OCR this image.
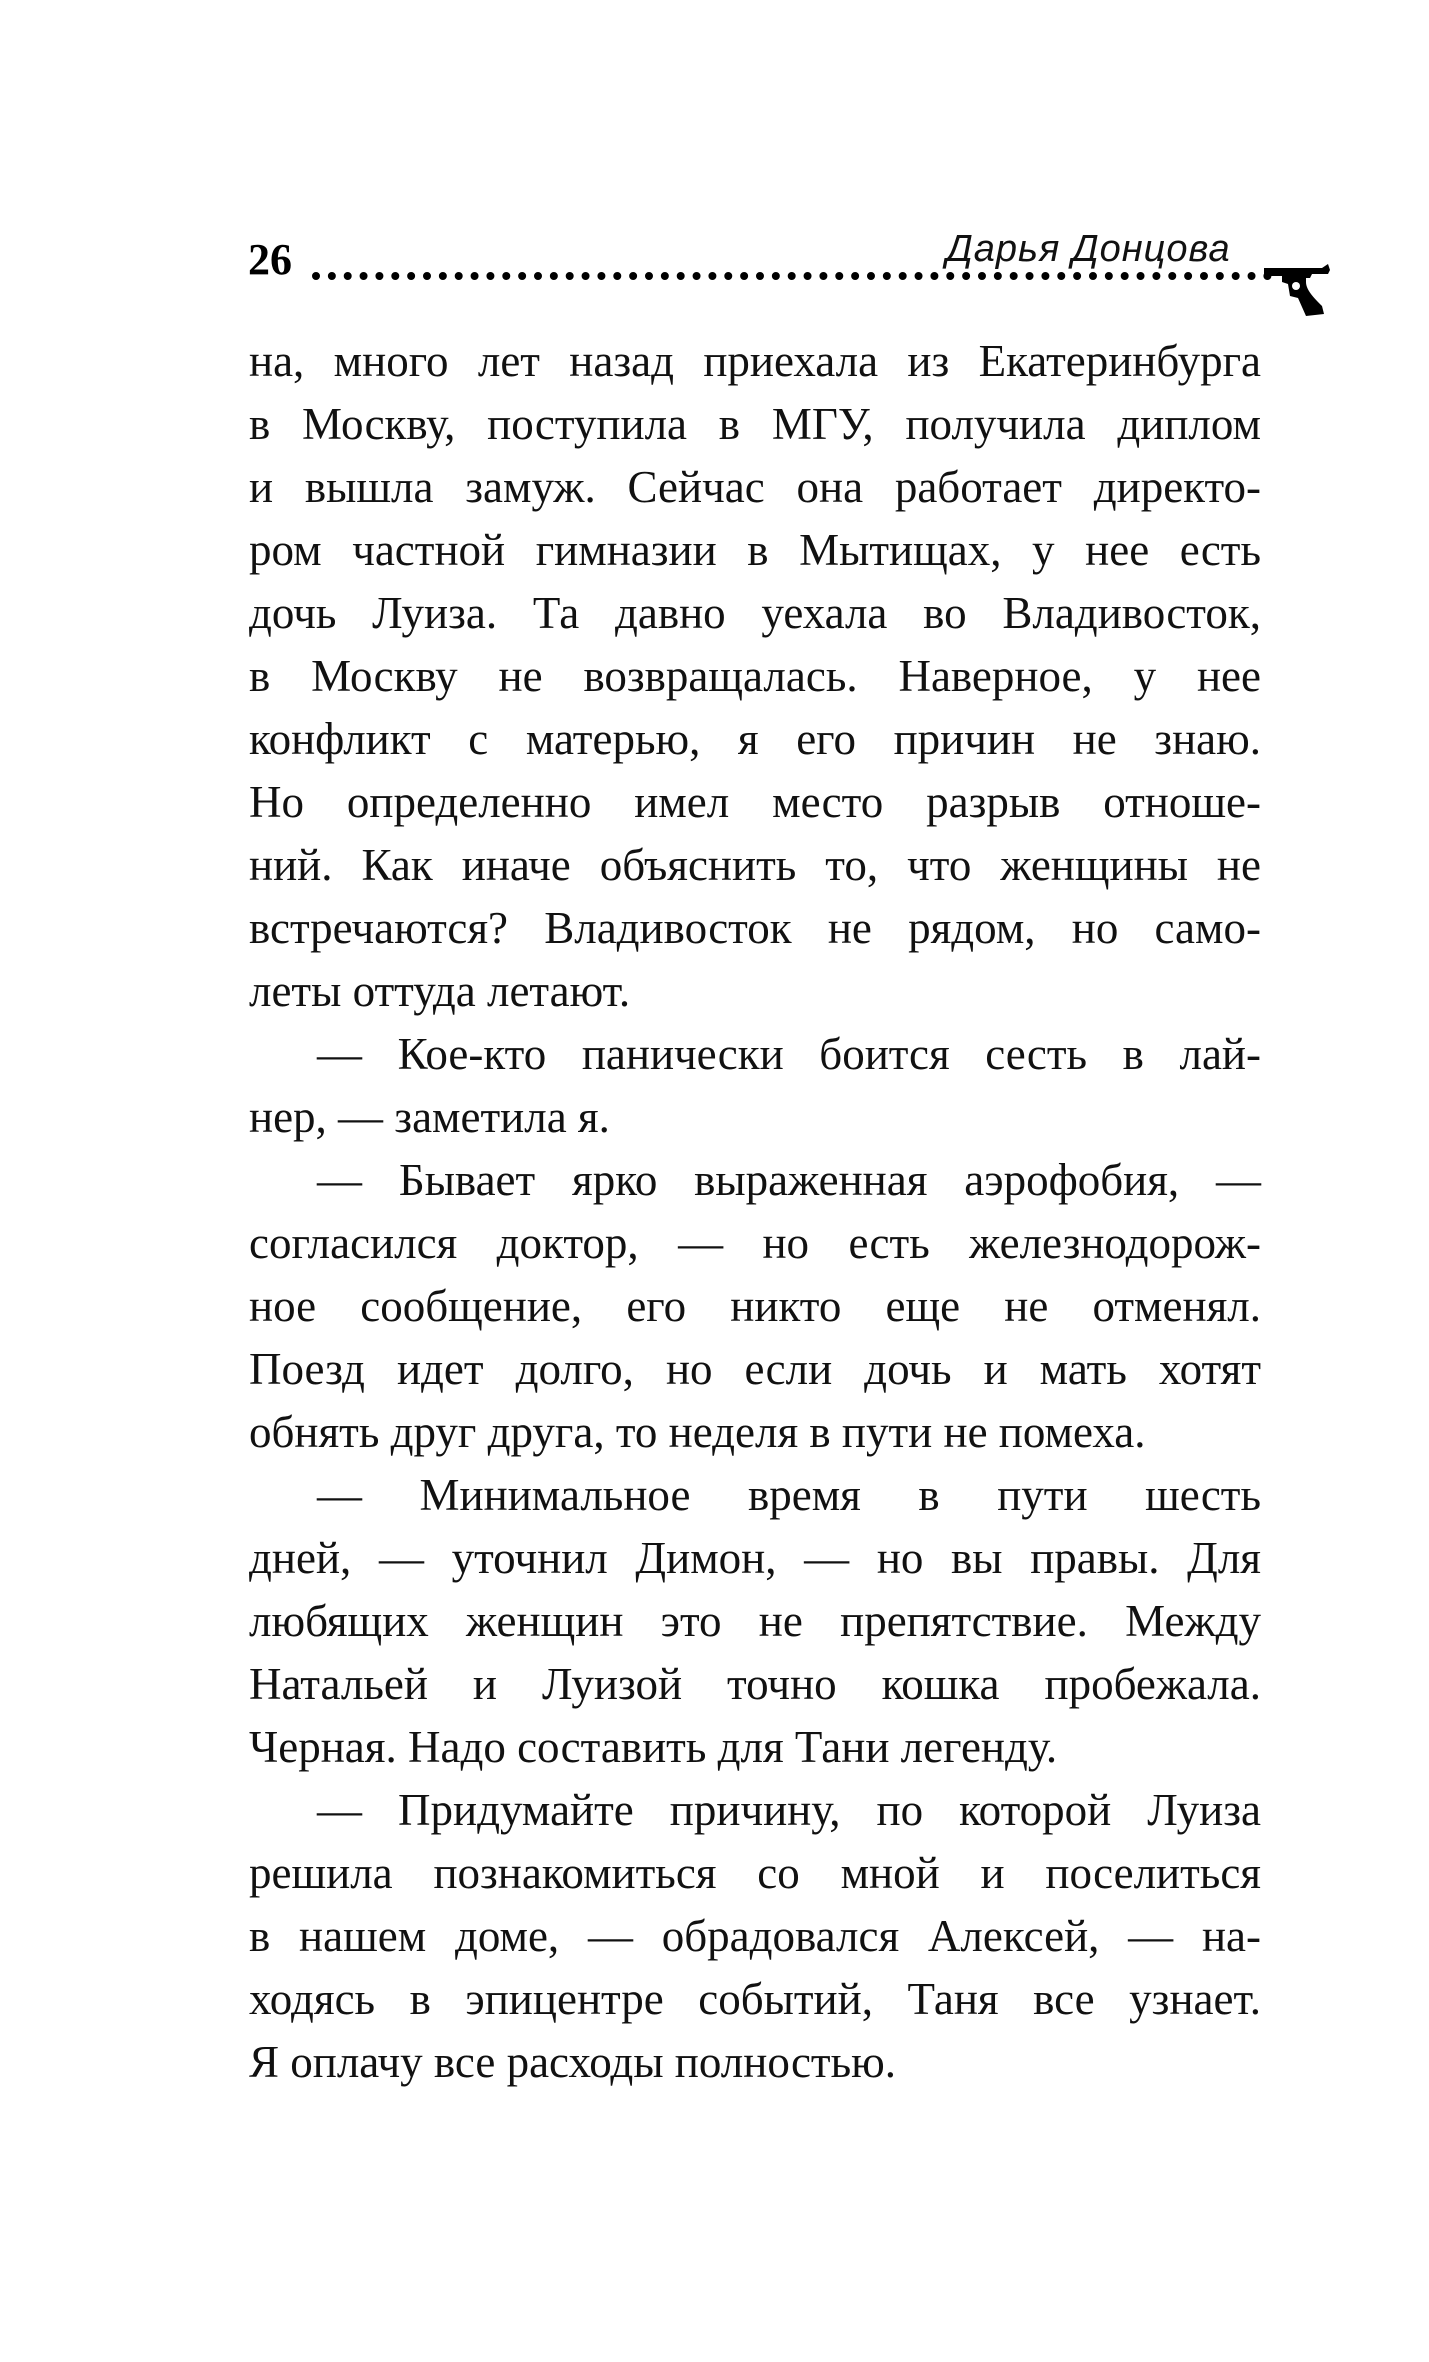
26	Дарья Донцова
на, много лет назад приехала из Екатеринбурга
в Москву, поступила в МГУ, получила диплом
и вышла замуж. Сейчас она работает директо-
ром частной гимназии в Мытищах, у нее есть
дочь Луиза. Та давно уехала во Владивосток,
в Москву не возвращалась. Наверное, у нее
конфликт с матерью, я его причин не знаю.
Но определенно имел место разрыв отноше-
ний. Как иначе объяснить то, что женщины не
встречаются? Владивосток не рядом, но само-
леты оттуда летают.
— Кое-кто панически боится сесть в лай-
нер, — заметила я.
— Бывает ярко выраженная аэрофобия, —
согласился доктор, — но есть железнодорож-
ное сообщение, его никто еще не отменял.
Поезд идет долго, но если дочь и мать хотят
обнять друг друга, то неделя в пути не помеха.
— Минимальное время в пути шесть
дней, — уточнил Димон, — но вы правы. Для
любящих женщин это не препятствие. Между
Натальей и Луизой точно кошка пробежала.
Черная. Надо составить для Тани легенду.
— Придумайте причину, по которой Луиза
решила познакомиться со мной и поселиться
в нашем доме, — обрадовался Алексей, — на-
ходясь в эпицентре событий, Таня все узнает.
Я оплачу все расходы полностью.
